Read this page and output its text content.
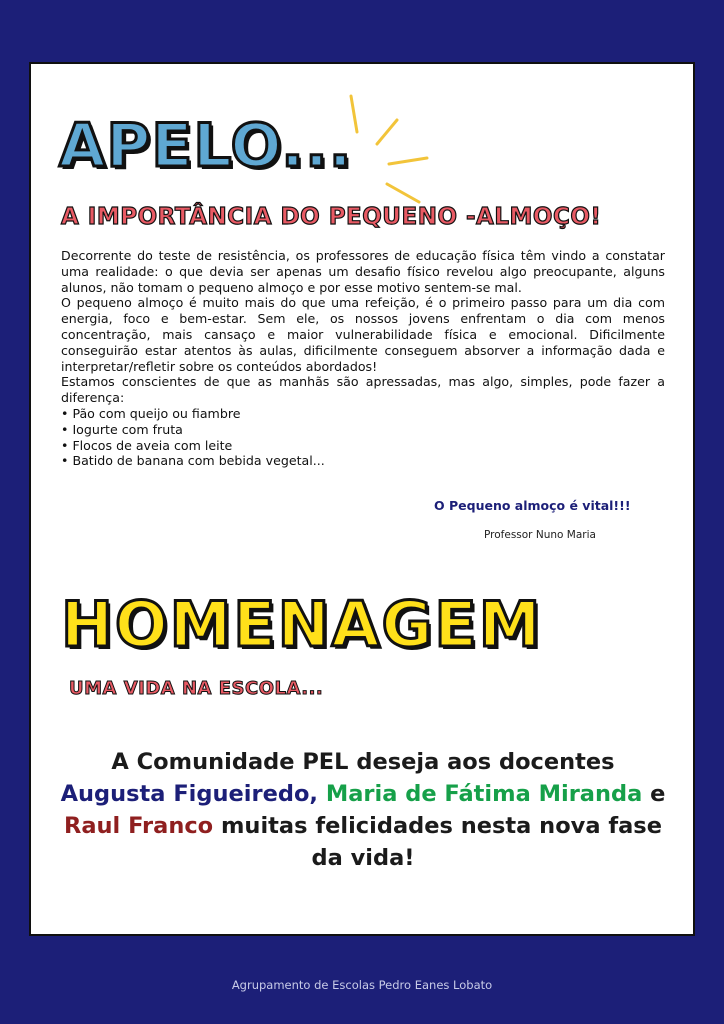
APELO...
A IMPORTÂNCIA DO PEQUENO -ALMOÇO!

Decorrente do teste de resistência, os professores de educação física têm vindo a constatar uma realidade: o que devia ser apenas um desafio físico revelou algo preocupante, alguns alunos, não tomam o pequeno almoço e por esse motivo sentem-se mal.

O pequeno almoço é muito mais do que uma refeição, é o primeiro passo para um dia com energia, foco e bem-estar. Sem ele, os nossos jovens enfrentam o dia com menos concentração, mais cansaço e maior vulnerabilidade física e emocional. Dificilmente conseguirão estar atentos às aulas, dificilmente conseguem absorver a informação dada e interpretar/refletir sobre os conteúdos abordados!

Estamos conscientes de que as manhãs são apressadas, mas algo, simples, pode fazer a diferença:

• Pão com queijo ou fiambre
• Iogurte com fruta
• Flocos de aveia com leite
• Batido de banana com bebida vegetal...
O Pequeno almoço é vital!!!
Professor Nuno Maria
HOMENAGEM
UMA VIDA NA ESCOLA...
A Comunidade PEL deseja aos docentes
Augusta Figueiredo, Maria de Fátima Miranda e Raul Franco muitas felicidades nesta nova fase da vida!
Agrupamento de Escolas Pedro Eanes Lobato
